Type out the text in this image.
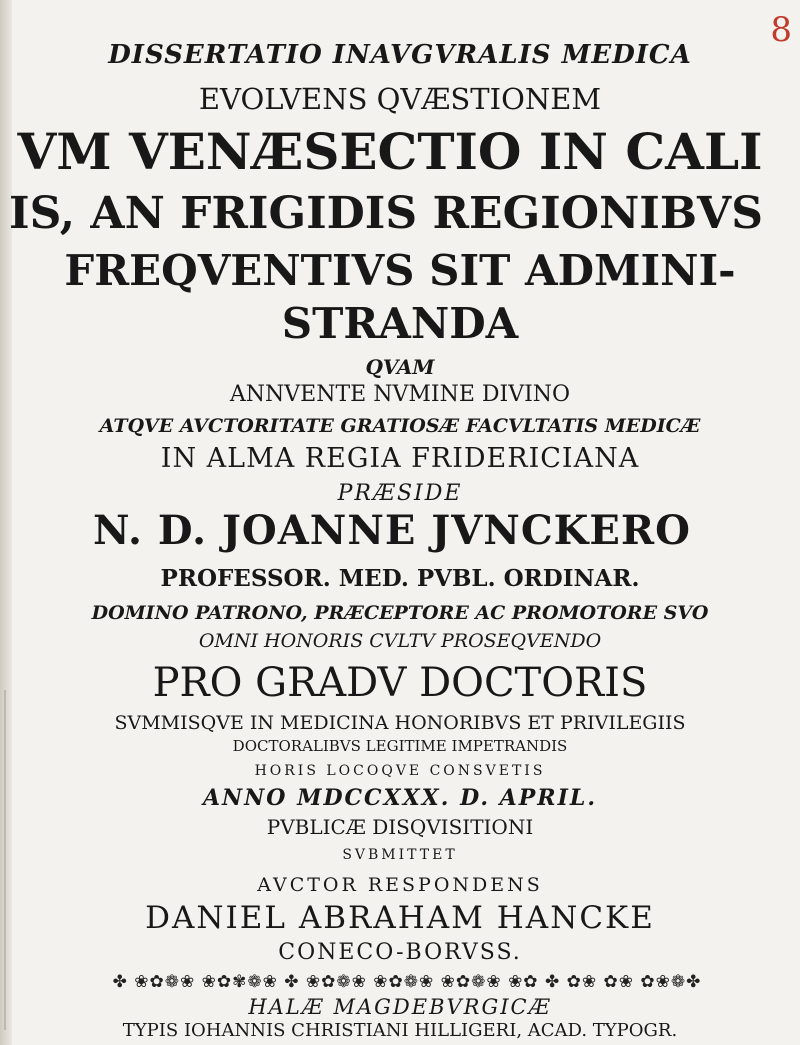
8
DISSERTATIO INAVGVRALIS MEDICA
EVOLVENS QVÆSTIONEM
VM VENÆSECTIO IN CALI
IS, AN FRIGIDIS REGIONIBVS
FREQVENTIVS SIT ADMINI-
STRANDA
QVAM
ANNVENTE NVMINE DIVINO
ATQVE AVCTORITATE GRATIOSÆ FACVLTATIS MEDICÆ
IN ALMA REGIA FRIDERICIANA
PRÆSIDE
N. D. JOANNE JVNCKERO
PROFESSOR. MED. PVBL. ORDINAR.
DOMINO PATRONO, PRÆCEPTORE AC PROMOTORE SVO
OMNI HONORIS CVLTV PROSEQVENDO
PRO GRADV DOCTORIS
SVMMISQVE IN MEDICINA HONORIBVS ET PRIVILEGIIS
DOCTORALIBVS LEGITIME IMPETRANDIS
HORIS LOCOQVE CONSVETIS
ANNO MDCCXXX. D. APRIL.
PVBLICÆ DISQVISITIONI
SVBMITTET
AVCTOR RESPONDENS
DANIEL ABRAHAM HANCKE
CONECO-BORVSS.
✤ ❀✿❁❀ ❀✿✾❁❀ ✤ ❀✿❁❀ ❀✿❁❀ ❀✿❁❀ ❀✿ ✤ ✿❀ ✿❀ ✿❀❁✤
HALÆ MAGDEBVRGICÆ
TYPIS IOHANNIS CHRISTIANI HILLIGERI, ACAD. TYPOGR.
